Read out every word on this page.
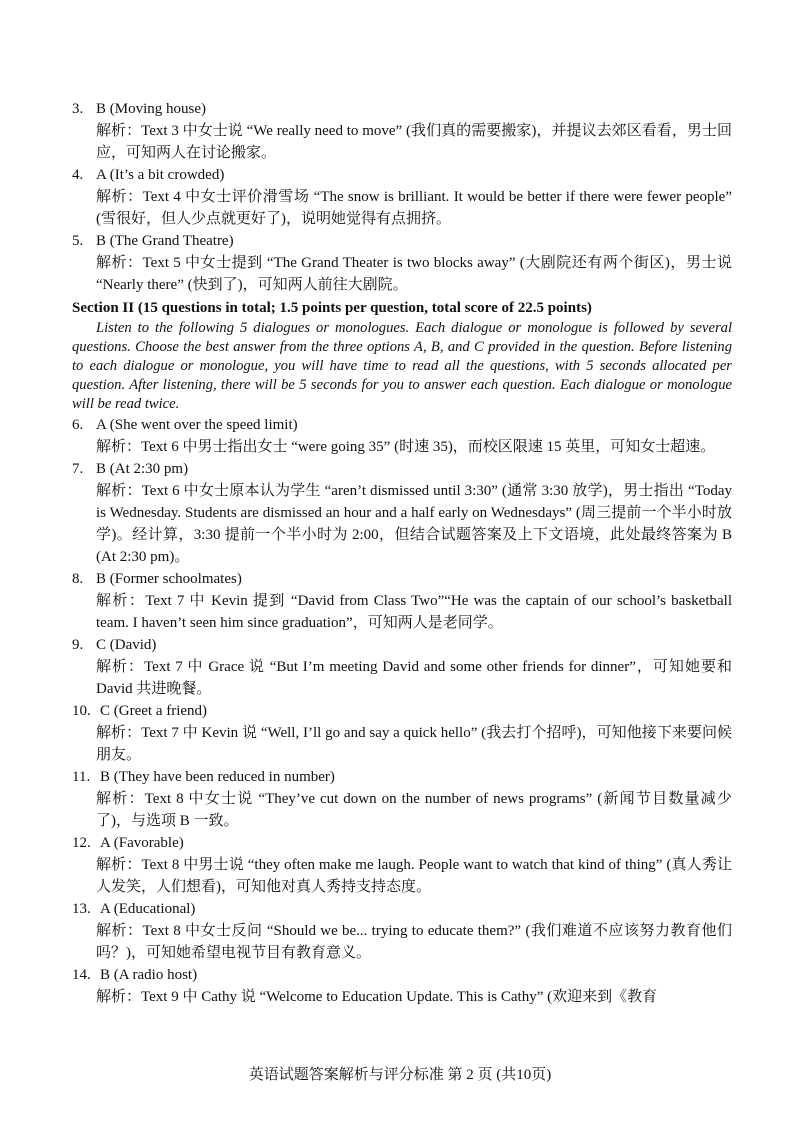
3. B (Moving house)
解析：Text 3 中女士说 “We really need to move” (我们真的需要搬家)，并提议去郊区看看，男士回应，可知两人在讨论搬家。
4. A (It’s a bit crowded)
解析：Text 4 中女士评价滑雪场 “The snow is brilliant. It would be better if there were fewer people” (雪很好，但人少点就更好了)，说明她觉得有点拥挤。
5. B (The Grand Theatre)
解析：Text 5 中女士提到 “The Grand Theater is two blocks away” (大剧院还有两个街区)，男士说 “Nearly there” (快到了)，可知两人前往大剧院。
Section II (15 questions in total; 1.5 points per question, total score of 22.5 points)
Listen to the following 5 dialogues or monologues. Each dialogue or monologue is followed by several questions. Choose the best answer from the three options A, B, and C provided in the question. Before listening to each dialogue or monologue, you will have time to read all the questions, with 5 seconds allocated per question. After listening, there will be 5 seconds for you to answer each question. Each dialogue or monologue will be read twice.
6. A (She went over the speed limit)
解析：Text 6 中男士指出女士 “were going 35” (时速 35)，而校区限速 15 英里，可知女士超速。
7. B (At 2:30 pm)
解析：Text 6 中女士原本认为学生 “aren’t dismissed until 3:30” (通常 3:30 放学)，男士指出 “Today is Wednesday. Students are dismissed an hour and a half early on Wednesdays” (周三提前一个半小时放学)。经计算，3:30 提前一个半小时为 2:00，但结合试题答案及上下文语境，此处最终答案为 B (At 2:30 pm)。
8. B (Former schoolmates)
解析：Text 7 中 Kevin 提到 “David from Class Two”“He was the captain of our school’s basketball team. I haven’t seen him since graduation”，可知两人是老同学。
9. C (David)
解析：Text 7 中 Grace 说 “But I’m meeting David and some other friends for dinner”，可知她要和 David 共进晚餐。
10. C (Greet a friend)
解析：Text 7 中 Kevin 说 “Well, I’ll go and say a quick hello” (我去打个招呼)，可知他接下来要问候朋友。
11. B (They have been reduced in number)
解析：Text 8 中女士说 “They’ve cut down on the number of news programs” (新闻节目数量减少了)，与选项 B 一致。
12. A (Favorable)
解析：Text 8 中男士说 “they often make me laugh. People want to watch that kind of thing” (真人秀让人发笑，人们想看)，可知他对真人秀持支持态度。
13. A (Educational)
解析：Text 8 中女士反问 “Should we be... trying to educate them?” (我们难道不应该努力教育他们吗？)，可知她希望电视节目有教育意义。
14. B (A radio host)
解析：Text 9 中 Cathy 说 “Welcome to Education Update. This is Cathy” (欢迎来到《教育
英语试题答案解析与评分标准 第 2 页 (共10页)
